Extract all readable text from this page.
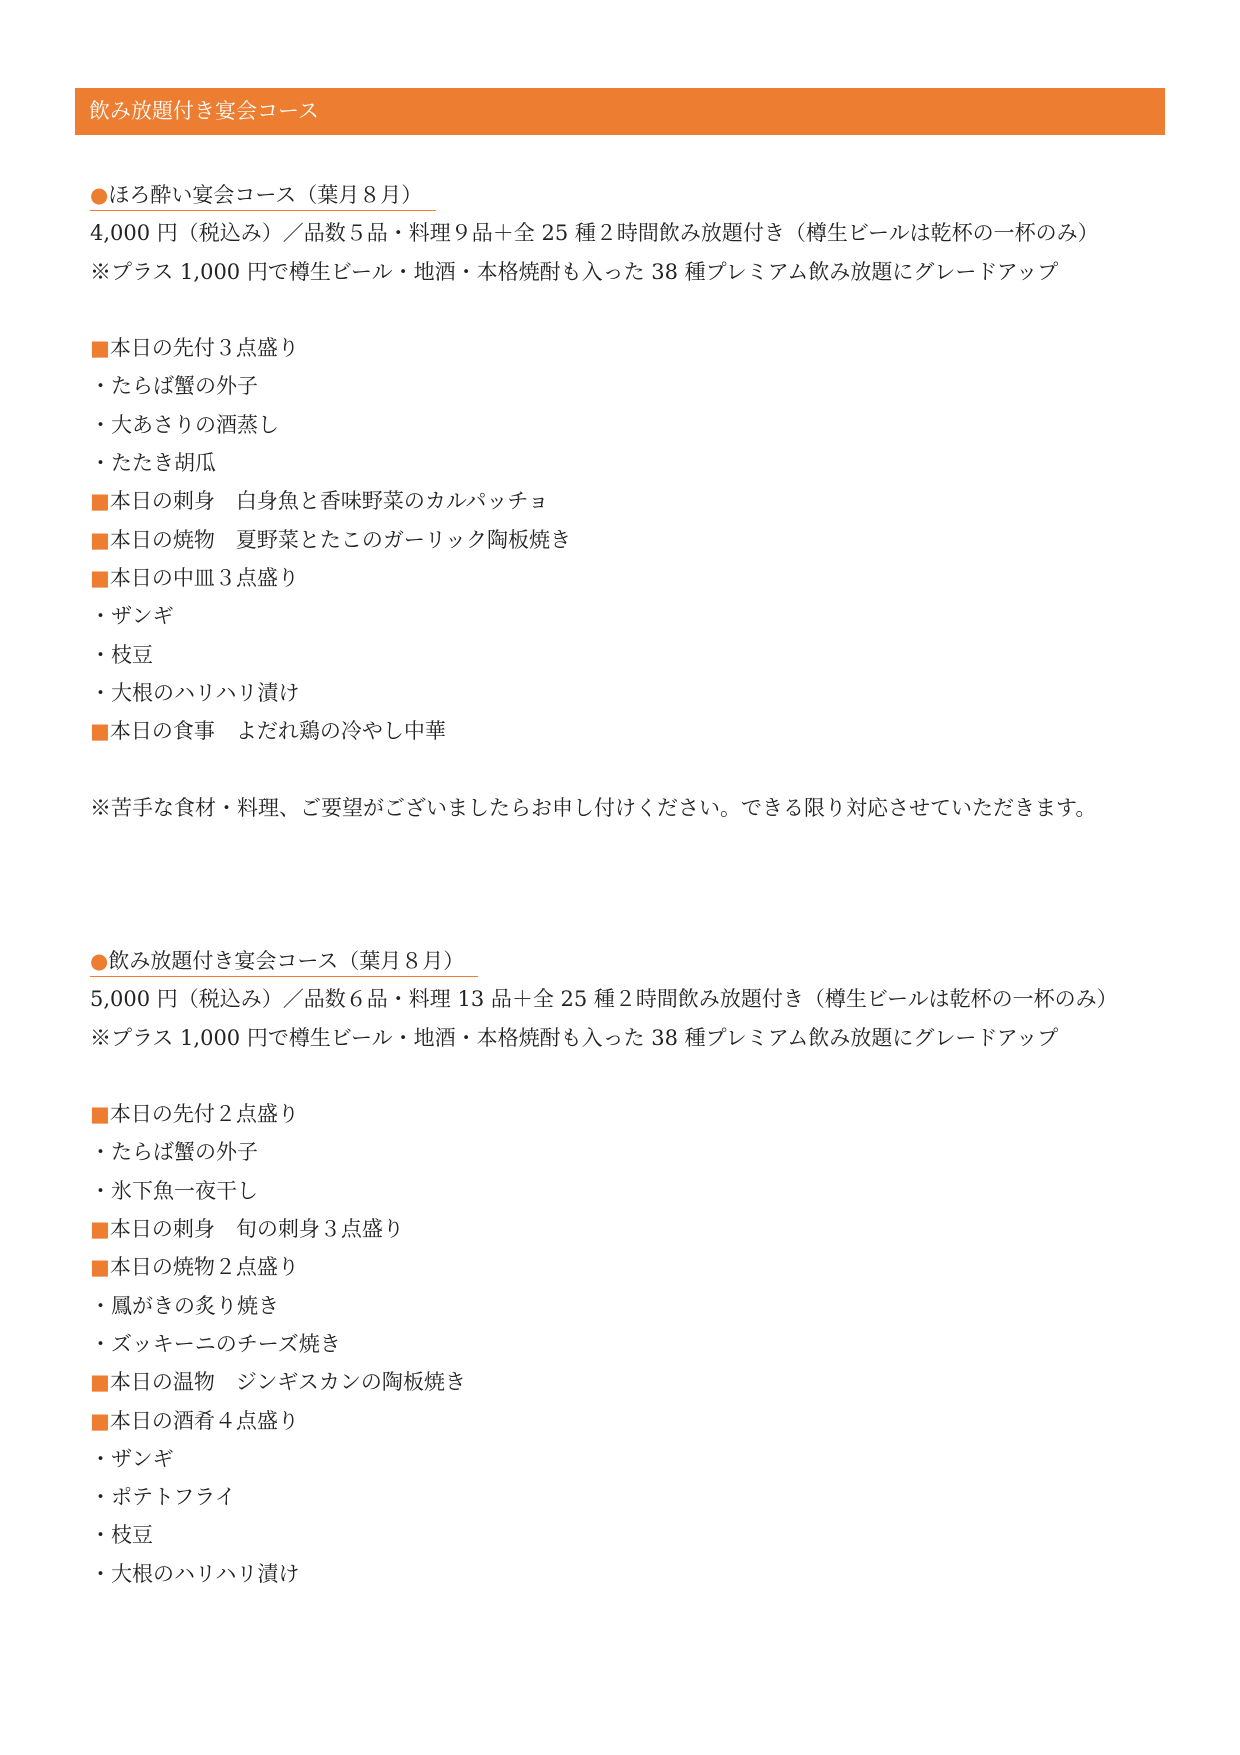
飲み放題付き宴会コース
●ほろ酔い宴会コース（葉月８月）
4,000 円（税込み）／品数５品・料理９品＋全 25 種２時間飲み放題付き（樽生ビールは乾杯の一杯のみ）
※プラス 1,000 円で樽生ビール・地酒・本格焼酎も入った 38 種プレミアム飲み放題にグレードアップ
■本日の先付３点盛り
・たらば蟹の外子
・大あさりの酒蒸し
・たたき胡瓜
■本日の刺身　白身魚と香味野菜のカルパッチョ
■本日の焼物　夏野菜とたこのガーリック陶板焼き
■本日の中皿３点盛り
・ザンギ
・枝豆
・大根のハリハリ漬け
■本日の食事　よだれ鶏の冷やし中華
※苦手な食材・料理、ご要望がございましたらお申し付けください。できる限り対応させていただきます。
●飲み放題付き宴会コース（葉月８月）
5,000 円（税込み）／品数６品・料理 13 品＋全 25 種２時間飲み放題付き（樽生ビールは乾杯の一杯のみ）
※プラス 1,000 円で樽生ビール・地酒・本格焼酎も入った 38 種プレミアム飲み放題にグレードアップ
■本日の先付２点盛り
・たらば蟹の外子
・氷下魚一夜干し
■本日の刺身　旬の刺身３点盛り
■本日の焼物２点盛り
・鳳がきの炙り焼き
・ズッキーニのチーズ焼き
■本日の温物　ジンギスカンの陶板焼き
■本日の酒肴４点盛り
・ザンギ
・ポテトフライ
・枝豆
・大根のハリハリ漬け
